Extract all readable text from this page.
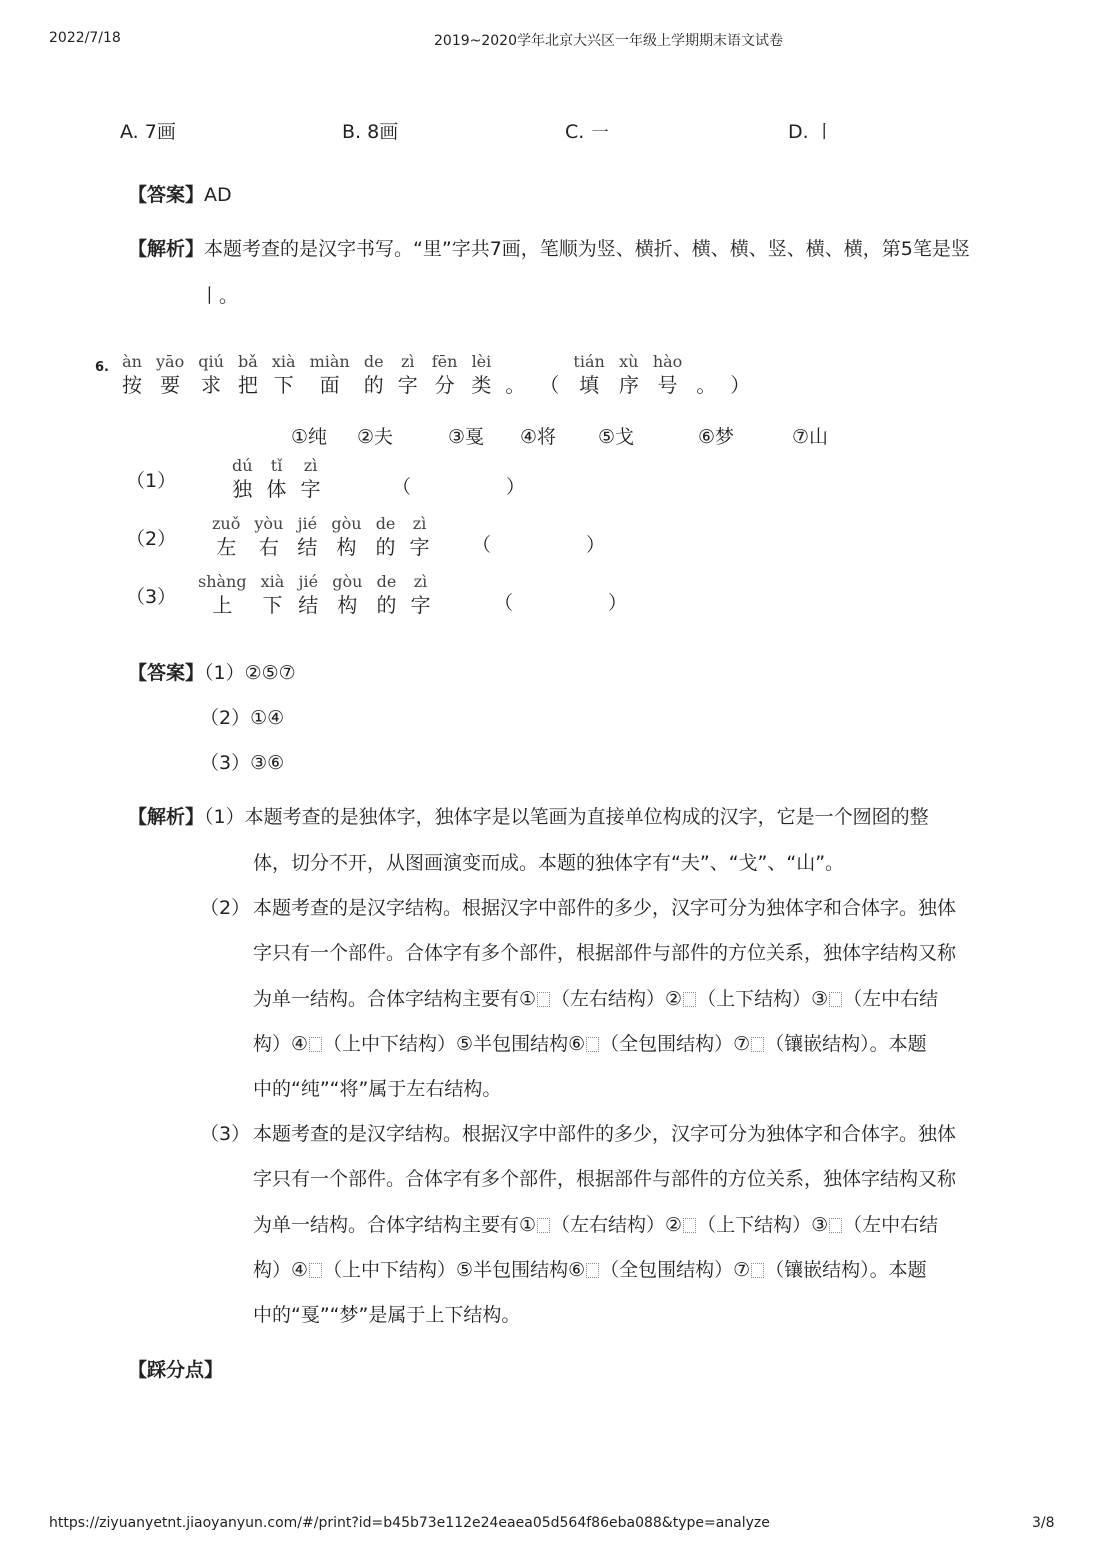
2022/7/18	2019~2020学年北京大兴区一年级上学期期末语文试卷
A. 7画	B. 8画	C. ㇐	D. ㇑
【答案】AD
【解析】本题考查的是汉字书写。“里”字共7画，笔顺为竖、横折、横、横、竖、横、横，第5笔是竖
丨。
6. àn
按
yāo
要
qiú
求
bǎ
把
xià
下
miàn
面
de
的
zì
字
fēn
分
lèi
类
。
（
tián
填
xù
序
hào
号
。
）
①纯 ②夫	③戛 ④将 ⑤戈	⑥梦	⑦山
（1）
dú
独
tǐ
体
zì
字	（　　　　　）
（2）
zuǒ
左
yòu
右
jié
结
gòu
构
de
的
zì
字 （　　　　　）
（3）
shàng
上
xià
下
jié
结
gòu
构
de
的
zì
字	（　　　　　）
【答案】（1）②⑤⑦
（2）①④
（3）③⑥
【解析】（1）本题考查的是独体字，独体字是以笔画为直接单位构成的汉字，它是一个囫囵的整
体，切分不开，从图画演变而成。本题的独体字有“夫”、“戈”、“山”。
（2） 本题考查的是汉字结构。根据汉字中部件的多少，汉字可分为独体字和合体字。独体
字只有一个部件。合体字有多个部件，根据部件与部件的方位关系，独体字结构又称
为单一结构。合体字结构主要有① （左右结构）② （上下结构）③ （左中右结
构）④ （上中下结构）⑤半包围结构⑥ （全包围结构）⑦ （镶嵌结构）。本题
中的“纯”“将”属于左右结构。
（3） 本题考查的是汉字结构。根据汉字中部件的多少，汉字可分为独体字和合体字。独体
字只有一个部件。合体字有多个部件，根据部件与部件的方位关系，独体字结构又称
为单一结构。合体字结构主要有① （左右结构）② （上下结构）③ （左中右结
构）④ （上中下结构）⑤半包围结构⑥ （全包围结构）⑦ （镶嵌结构）。本题
中的“戛”“梦”是属于上下结构。
【踩分点】
https://ziyuanyetnt.jiaoyanyun.com/#/print?id=b45b73e112e24eaea05d564f86eba088&type=analyze	3/8
